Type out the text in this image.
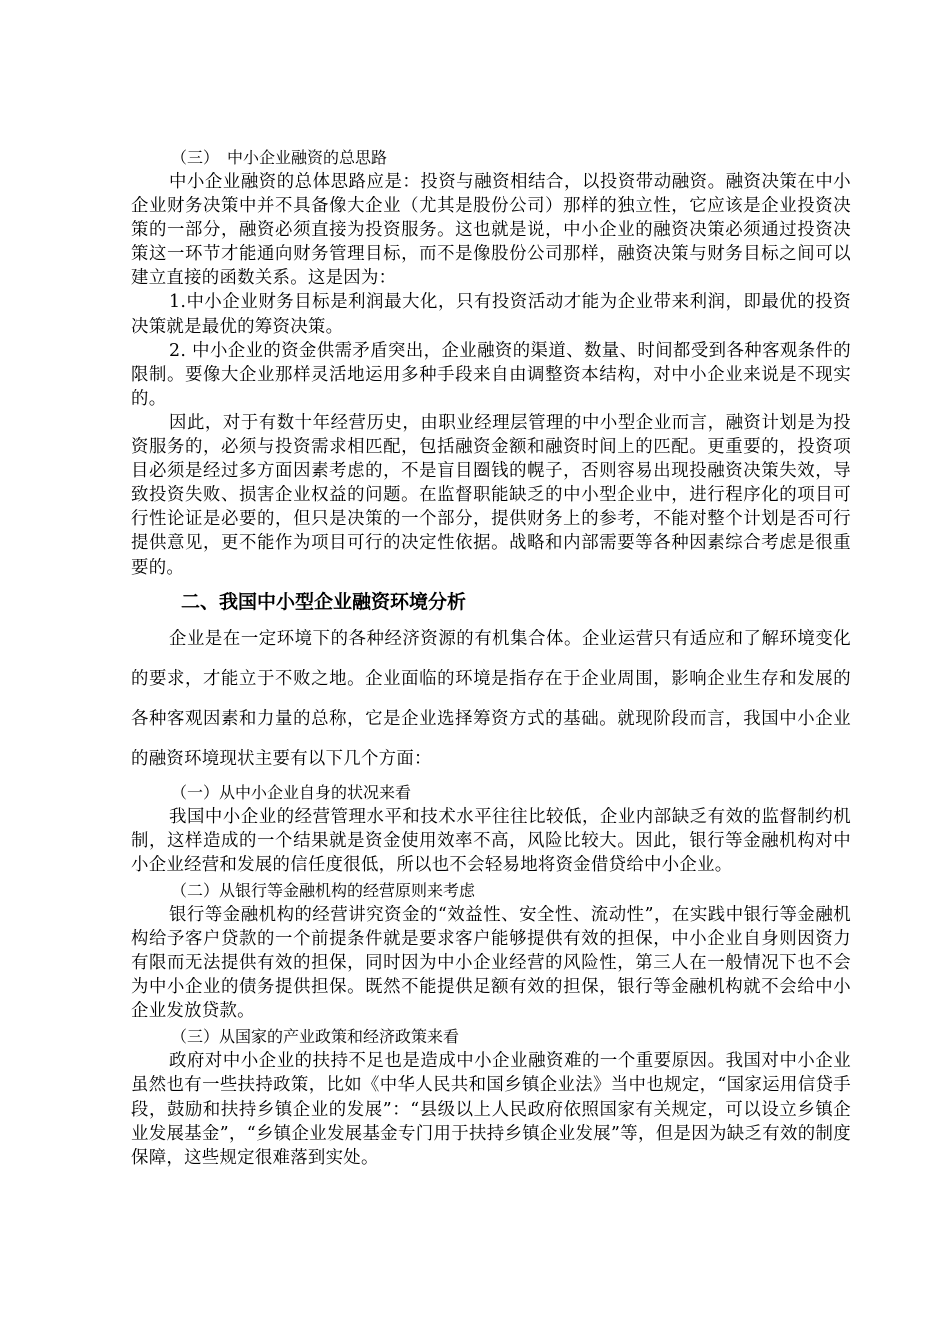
（三）　中小企业融资的总思路

中小企业融资的总体思路应是：投资与融资相结合，以投资带动融资。融资决策在中小企业财务决策中并不具备像大企业（尤其是股份公司）那样的独立性，它应该是企业投资决策的一部分，融资必须直接为投资服务。这也就是说，中小企业的融资决策必须通过投资决策这一环节才能通向财务管理目标，而不是像股份公司那样，融资决策与财务目标之间可以建立直接的函数关系。这是因为：

1.中小企业财务目标是利润最大化，只有投资活动才能为企业带来利润，即最优的投资决策就是最优的筹资决策。

2. 中小企业的资金供需矛盾突出，企业融资的渠道、数量、时间都受到各种客观条件的限制。要像大企业那样灵活地运用多种手段来自由调整资本结构，对中小企业来说是不现实的。

因此，对于有数十年经营历史，由职业经理层管理的中小型企业而言，融资计划是为投资服务的，必须与投资需求相匹配，包括融资金额和融资时间上的匹配。更重要的，投资项目必须是经过多方面因素考虑的，不是盲目圈钱的幌子，否则容易出现投融资决策失效，导致投资失败、损害企业权益的问题。在监督职能缺乏的中小型企业中，进行程序化的项目可行性论证是必要的，但只是决策的一个部分，提供财务上的参考，不能对整个计划是否可行提供意见，更不能作为项目可行的决定性依据。战略和内部需要等各种因素综合考虑是很重要的。

二、我国中小型企业融资环境分析

企业是在一定环境下的各种经济资源的有机集合体。企业运营只有适应和了解环境变化的要求，才能立于不败之地。企业面临的环境是指存在于企业周围，影响企业生存和发展的各种客观因素和力量的总称，它是企业选择筹资方式的基础。就现阶段而言，我国中小企业的融资环境现状主要有以下几个方面：

（一）从中小企业自身的状况来看

我国中小企业的经营管理水平和技术水平往往比较低，企业内部缺乏有效的监督制约机制，这样造成的一个结果就是资金使用效率不高，风险比较大。因此，银行等金融机构对中小企业经营和发展的信任度很低，所以也不会轻易地将资金借贷给中小企业。

（二）从银行等金融机构的经营原则来考虑

银行等金融机构的经营讲究资金的“效益性、安全性、流动性”，在实践中银行等金融机构给予客户贷款的一个前提条件就是要求客户能够提供有效的担保，中小企业自身则因资力有限而无法提供有效的担保，同时因为中小企业经营的风险性，第三人在一般情况下也不会为中小企业的债务提供担保。既然不能提供足额有效的担保，银行等金融机构就不会给中小企业发放贷款。

（三）从国家的产业政策和经济政策来看

政府对中小企业的扶持不足也是造成中小企业融资难的一个重要原因。我国对中小企业虽然也有一些扶持政策，比如《中华人民共和国乡镇企业法》当中也规定，“国家运用信贷手段，鼓励和扶持乡镇企业的发展”：“县级以上人民政府依照国家有关规定，可以设立乡镇企业发展基金”，“乡镇企业发展基金专门用于扶持乡镇企业发展”等，但是因为缺乏有效的制度保障，这些规定很难落到实处。
